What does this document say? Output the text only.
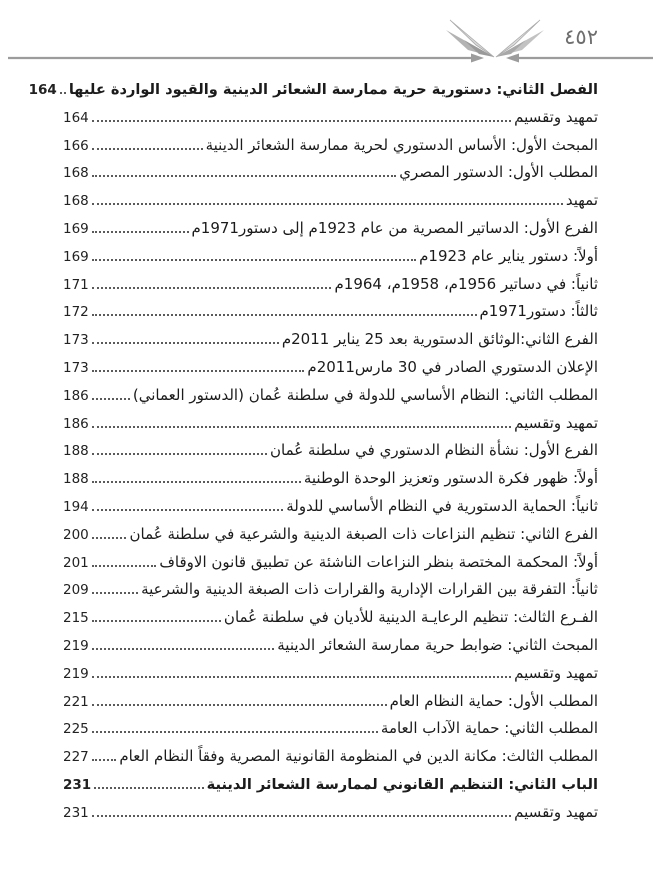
٤٥٢
الفصل الثاني: دستورية حرية ممارسة الشعائر الدينية والقيود الواردة عليها
164
تمهيد وتقسيم
164
المبحث الأول: الأساس الدستوري لحرية ممارسة الشعائر الدينية
166
المطلب الأول: الدستور المصري
168
تمهيد
168
الفرع الأول: الدساتير المصرية من عام 1923م إلى دستور1971م
169
أولاً: دستور يناير عام 1923م
169
ثانياً: في دساتير 1956م، 1958م، 1964م
171
ثالثاً: دستور1971م
172
الفرع الثاني:الوثائق الدستورية بعد 25 يناير 2011م
173
الإعلان الدستوري الصادر في 30 مارس2011م
173
المطلب الثاني: النظام الأساسي للدولة في سلطنة عُمان (الدستور العماني)
186
تمهيد وتقسيم
186
الفرع الأول: نشأة النظام الدستوري في سلطنة عُمان
188
أولاً: ظهور فكرة الدستور وتعزيز الوحدة الوطنية
188
ثانياً: الحماية الدستورية في النظام الأساسي للدولة
194
الفرع الثاني: تنظيم النزاعات ذات الصبغة الدينية والشرعية في سلطنة عُمان
200
أولاً: المحكمة المختصة بنظر النزاعات الناشئة عن تطبيق قانون الاوقاف
201
ثانياً: التفرقة بين القرارات الإدارية والقرارات ذات الصبغة الدينية والشرعية
209
الفـرع الثالث: تنظيم الرعايـة الدينية للأديان في سلطنة عُمان
215
المبحث الثاني: ضوابط حرية ممارسة الشعائر الدينية
219
تمهيد وتقسيم
219
المطلب الأول: حماية النظام العام
221
المطلب الثاني: حماية الآداب العامة
225
المطلب الثالث: مكانة الدين في المنظومة القانونية المصرية وفقاً النظام العام
227
الباب الثاني: التنظيم القانوني لممارسة الشعائر الدينية
231
تمهيد وتقسيم
231
